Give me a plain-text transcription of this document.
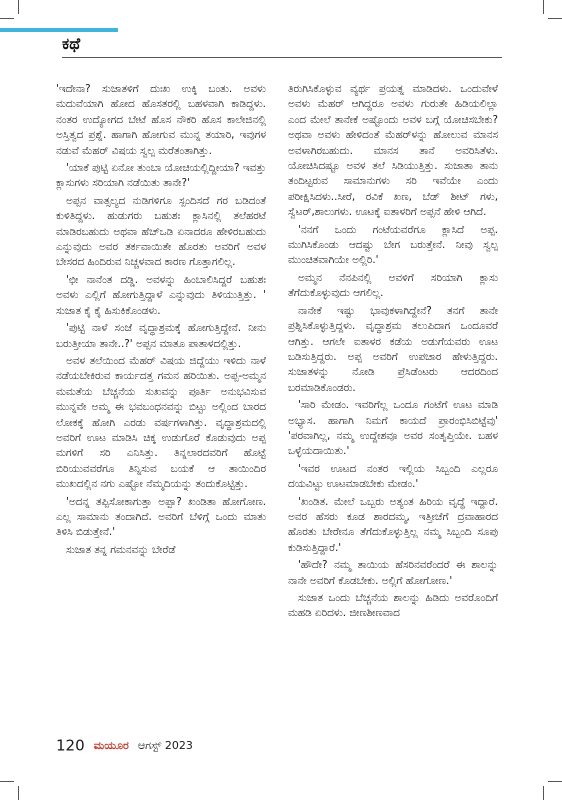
ಕಥೆ

'ಇದೇನಾ? ಸುಜಾತಳಿಗೆ ದುಃಖ ಉಕ್ಕಿ ಬಂತು. ಅವಳು ಮದುವೆಯಾಗಿ ಹೋದ ಹೊಸತರಲ್ಲಿ ಬಹಳವಾಗಿ ಕಾಡಿದ್ದಳು. ನಂತರ ಉದ್ಯೋಗದ ಬೇಟೆ ಹೊಸ ನೌಕರಿ ಹೊಸ ಕಾಲೇಜಿನಲ್ಲಿ ಅಸ್ತಿತ್ವದ ಪ್ರಶ್ನೆ. ಹಾಗಾಗಿ ಹೋಗುವ ಮುನ್ನ ತಯಾರಿ, ಇವುಗಳ ನಡುವೆ ಮೆಹರ್ ವಿಷಯ ಸ್ವಲ್ಪ ಮರೆತಂತಾಗಿತ್ತು.

'ಯಾಕೆ ಪುಟ್ಟಿ ಏನೋ ತುಂಬಾ ಯೋಚಿಯಲ್ಲಿದ್ದೀಯಾ? ಇವತ್ತು ಕ್ಲಾಸುಗಳು ಸರಿಯಾಗಿ ನಡೆಯಿತು ತಾನೇ?'

ಅಪ್ಪನ ವಾತ್ಸಲ್ಯದ ನುಡಿಗಳಿಗೂ ಸ್ಪಂದಿಸದೆ ಗರ ಬಡಿದಂತೆ ಕುಳಿತಿದ್ದಳು. ಹುಡುಗರು ಬಹುಶಃ ಕ್ಲಾಸಿನಲ್ಲಿ ತಲೆಹರಟೆ ಮಾಡಿರಬಹುದು ಅಥವಾ ಹೆಚ್ಒಡಿ ಏನಾದರೂ ಹೇಳಿರಬಹುದು ಎನ್ನುವುದು ಅವರ ತರ್ಕವಾಯಿತೇ ಹೊರತು ಅವರಿಗೆ ಅವಳ ಬೇಸರದ ಹಿಂದಿರುವ ನಿಚ್ಚಳವಾದ ಕಾರಣ ಗೊತ್ತಾಗಲಿಲ್ಲ.

'ಛೀ ನಾನೆಂತ ದಡ್ಡಿ. ಅವಳನ್ನು ಹಿಂಬಾಲಿಸಿದ್ದರೆ ಬಹುಶಃ ಅವಳು ಎಲ್ಲಿಗೆ ಹೋಗುತ್ತಿದ್ದಾಳೆ ಎನ್ನುವುದು ತಿಳಿಯುತ್ತಿತ್ತು. ' ಸುಜಾತ ಕೈ ಕೈ ಹಿಸುಕಿಕೊಂಡಳು.

'ಪುಟ್ಟಿ ನಾಳೆ ಸಂಜೆ ವೃದ್ಧಾಶ್ರಮಕ್ಕೆ ಹೋಗುತ್ತಿದ್ದೇನೆ. ನೀನು ಬರುತ್ತೀಯಾ ತಾನೇ..?' ಅಪ್ಪನ ಮಾತೂ ಪಾತಾಳದಲ್ಲಿತ್ತು.

ಅವಳ ತಲೆಯಿಂದ ಮೆಹರ್ ವಿಷಯ ಜಿದ್ದೆಯು ಇಳಿದು ನಾಳೆ ನಡೆಯಬೇಕಿರುವ ಕಾರ್ಯದತ್ತ ಗಮನ ಹರಿಯಿತು. ಅಪ್ಪ-ಅಮ್ಮನ ಮಮತೆಯ ಬೆಚ್ಚನೆಯ ಸುಖವನ್ನು ಪೂರ್ತಿ ಅನುಭವಿಸುವ ಮುನ್ನವೇ ಅಮ್ಮ ಈ ಭವಬಂಧನವನ್ನು ಬಿಟ್ಟು ಅಲ್ಲಿಂದ ಬಾರದ ಲೋಕಕ್ಕೆ ಹೋಗಿ ಎರಡು ವರ್ಷಗಳಾಗಿತ್ತು. ವೃದ್ಧಾಶ್ರಮದಲ್ಲಿ ಅವರಿಗೆ ಊಟ ಮಾಡಿಸಿ ಚಿಕ್ಕ ಉಡುಗೊರೆ ಕೊಡುವುದು ಅಪ್ಪ ಮಗಳಿಗೆ ಸರಿ ಎನಿಸಿತ್ತು. ತಿನ್ನಲಾರದವರಿಗೆ ಹೊಟ್ಟೆ ಬಿರಿಯುವವರೆಗೂ ತಿನ್ನಿಸುವ ಬಯಕೆ ಆ ತಾಯಿಂದಿರ ಮುಖದಲ್ಲಿನ ನಗು ಎಷ್ಟೋ ನೆಮ್ಮದಿಯನ್ನು ತಂದುಕೊಟ್ಟಿತ್ತು.

'ಅದನ್ನ ತಪ್ಪಿಸೋಕಾಗುತ್ತಾ ಅಪ್ಪಾ? ಖಂಡಿತಾ ಹೋಗೋಣ. ಎಲ್ಲ ಸಾಮಾನು ತಂದಾಗಿದೆ. ಅವರಿಗೆ ಬೆಳಿಗ್ಗೆ ಒಂದು ಮಾತು ತಿಳಿಸಿ ಬಿಡುತ್ತೇನೆ.'

ಸುಜಾತ ತನ್ನ ಗಮನವನ್ನು ಬೇರೆಡೆ

ತಿರುಗಿಸಿಕೊಳ್ಳುವ ವ್ಯರ್ಥ ಪ್ರಯತ್ನ ಮಾಡಿದಳು. ಒಂದುವೇಳೆ ಅವಳು ಮೆಹರ್ ಆಗಿದ್ದರೂ ಅವಳು ಗುರುತೇ ಹಿಡಿಯಲಿಲ್ಲಾ ಎಂದ ಮೇಲೆ ತಾನೇಕೆ ಅಷ್ಟೊಂದು ಅವಳ ಬಗ್ಗೆ ಯೋಚಿಸಬೇಕು? ಅಥವಾ ಅವಳು ಹೇಳಿದಂತೆ ಮೆಹರ್‌ಳನ್ನು ಹೋಲುವ ಮಾನಸ ಅವಳಾಗಿರಬಹುದು. ಮಾನಸ ತಾನೆ ಅವರಿಸಿತೆಳು. ಯೋಚಿಸಿದಷ್ಟೂ ಅವಳ ತಲೆ ಸಿಡಿಯುತ್ತಿತ್ತು. ಸುಜಾತಾ ತಾನು ತಂದಿಟ್ಟರುವ ಸಾಮಾನುಗಳು ಸರಿ ಇವೆಯೇ ಎಂದು ಪರೀಕ್ಷಿಸಿದಳು..ಸೀರೆ, ರವಿಕೆ ಖಣ, ಬೆಡ್ ಶೀಟ್ ಗಳು, ಸ್ವೆಟರ್,ಶಾಲುಗಳು. ಊಟಕ್ಕೆ ಐತಾಳರಿಗೆ ಅಪ್ಪನೆ ಹೇಳಿ ಆಗಿದೆ.

'ನನಗೆ ಒಂದು ಗಂಟೆಯವರೆಗೂ ಕ್ಲಾಸಿದೆ ಅಪ್ಪ. ಮುಗಿಸಿಕೊಂಡು ಆದಷ್ಟು ಬೇಗ ಬರುತ್ತೇನೆ. ನೀವು ಸ್ವಲ್ಪ ಮುಂಚಿತವಾಗಿಯೇ ಅಲ್ಲಿರಿ.'

ಅಮ್ಮನ ನೆನಪಿನಲ್ಲಿ ಅವಳಿಗೆ ಸರಿಯಾಗಿ ಕ್ಲಾಸು ತೆಗೆದುಕೊಳ್ಳುವುದು ಆಗಲಿಲ್ಲ.

ನಾನೇಕೆ ಇಷ್ಟು ಭಾವುಕಳಾಗಿದ್ದೇನೆ? ತನಗೆ ತಾನೇ ಪ್ರಶ್ನಿಸಿಕೊಳ್ಳುತ್ತಿದ್ದಳು. ವೃದ್ಧಾಶ್ರಮ ತಲುಪಿದಾಗ ಒಂದೂವರೆ ಆಗಿತ್ತು. ಆಗಲೇ ಐತಾಳರ ಕಡೆಯ ಅಡುಗೆಯವರು ಊಟ ಬಡಿಸುತ್ತಿದ್ದರು. ಅಪ್ಪ ಅವರಿಗೆ ಉಪಚಾರ ಹೇಳುತ್ತಿದ್ದರು. ಸುಜಾತಳನ್ನು ನೋಡಿ ಪ್ರೆಸಿಡೆಂಟರು ಆದರದಿಂದ ಬರಮಾಡಿಕೊಂಡರು.

'ಸಾರಿ ಮೇಡಂ. ಇವರಿಗೆಲ್ಲ ಒಂದೂ ಗಂಟೆಗೆ ಊಟ ಮಾಡಿ ಅಭ್ಯಾಸ. ಹಾಗಾಗಿ ನಿಮಗೆ ಕಾಯದೆ ಪ್ರಾರಂಭಿಸಿಬಿಟ್ಟೆವು' 'ಪರವಾಗಿಲ್ಲ, ನಮ್ಮ ಉದ್ದೇಶವೂ ಅವರ ಸಂತೃಪ್ತಿಯೇ. ಬಹಳ ಒಳ್ಳೆಯದಾಯಿತು.'

'ಇವರ ಊಟದ ನಂತರ ಇಲ್ಲಿಯ ಸಿಬ್ಬಂದಿ ಎಲ್ಲರೂ ದಯವಿಟ್ಟು ಊಟಮಾಡಬೇಕು ಮೇಡಂ.'

'ಖಂಡಿತ. ಮೇಲೆ ಒಬ್ಬರು ಅತ್ಯಂತ ಹಿರಿಯ ವೃದ್ಧೆ ಇದ್ದಾರೆ. ಅವರ ಹೆಸರು ಕೂಡ ಶಾರದಮ್ಮ, ಇತ್ತೀಚೆಗೆ ದ್ರವಾಹಾರದ ಹೊರತು ಬೇರೇನೂ ತೆಗೆದುಕೊಳ್ಳುತ್ತಿಲ್ಲ ನಮ್ಮ ಸಿಬ್ಬಂದಿ ಸೂಪು ಕುಡಿಸುತ್ತಿದ್ದಾರೆ.'

'ಹೌದೇ? ನಮ್ಮ ತಾಯಿಯ ಹೆಸರಿನವರೆಂದರೆ ಈ ಶಾಲನ್ನು ನಾನೇ ಅವರಿಗೆ ಕೊಡಬೇಕು. ಅಲ್ಲಿಗೆ ಹೋಗೋಣ.'

ಸುಜಾತ ಒಂದು ಬೆಚ್ಚನೆಯ ಶಾಲನ್ನು ಹಿಡಿದು ಅವರೊಂದಿಗೆ ಮಹಡಿ ಏರಿದಳು. ಜೀಣಶೀಣವಾದ

120 ಮಯೂರ ಆಗಸ್ಟ್ 2023
